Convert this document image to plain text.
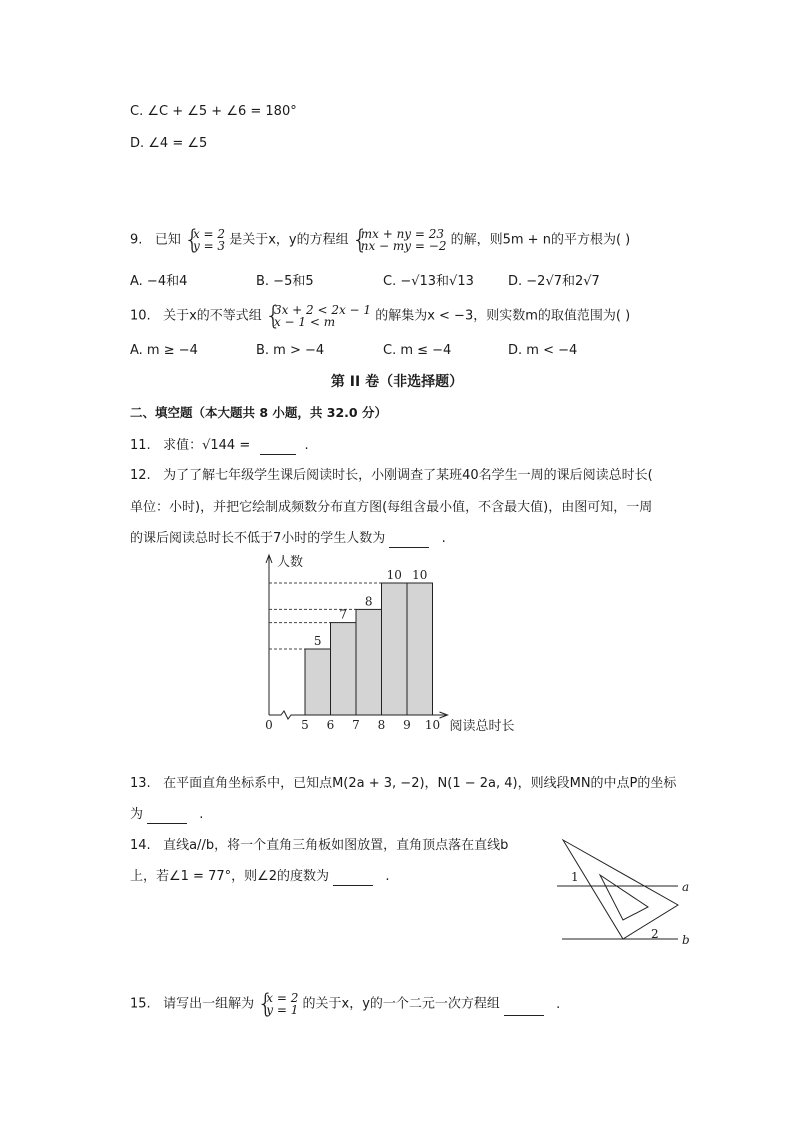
C. ∠C + ∠5 + ∠6 = 180°
D. ∠4 = ∠5
9. 已知 { x = 2
y = 3 是关于x，y的方程组 { mx + ny = 23
nx − my = −2 的解，则5m + n的平方根为( )
A. −4和4	B. −5和5	C. −√13和√13	D. −2√7和2√7
10. 关于x的不等式组 { 3x + 2 < 2x − 1
x − 1 < m	的解集为x < −3，则实数m的取值范围为( )
A. m ≥ −4	B. m > −4	C. m ≤ −4	D. m < −4
第 II 卷（非选择题）
二、填空题（本大题共 8 小题，共 32.0 分）
11. 求值：√144 =	.
12. 为了了解七年级学生课后阅读时长，小刚调查了某班40名学生一周的课后阅读总时长(
单位：小时)，并把它绘制成频数分布直方图(每组含最小值，不含最大值)，由图可知，一周
的课后阅读总时长不低于7小时的学生人数为	.
5
7
8
10 10
5 6 7 8 9 10
0
人数
阅读总时长
13. 在平面直角坐标系中，已知点M(2a + 3, −2)，N(1 − 2a, 4)，则线段MN的中点P的坐标
为	.
14. 直线a//b，将一个直角三角板如图放置，直角顶点落在直线b
上，若∠1 = 77°，则∠2的度数为	.	1
2
a
b
15. 请写出一组解为 { x = 2
y = 1 的关于x，y的一个二元一次方程组	.
